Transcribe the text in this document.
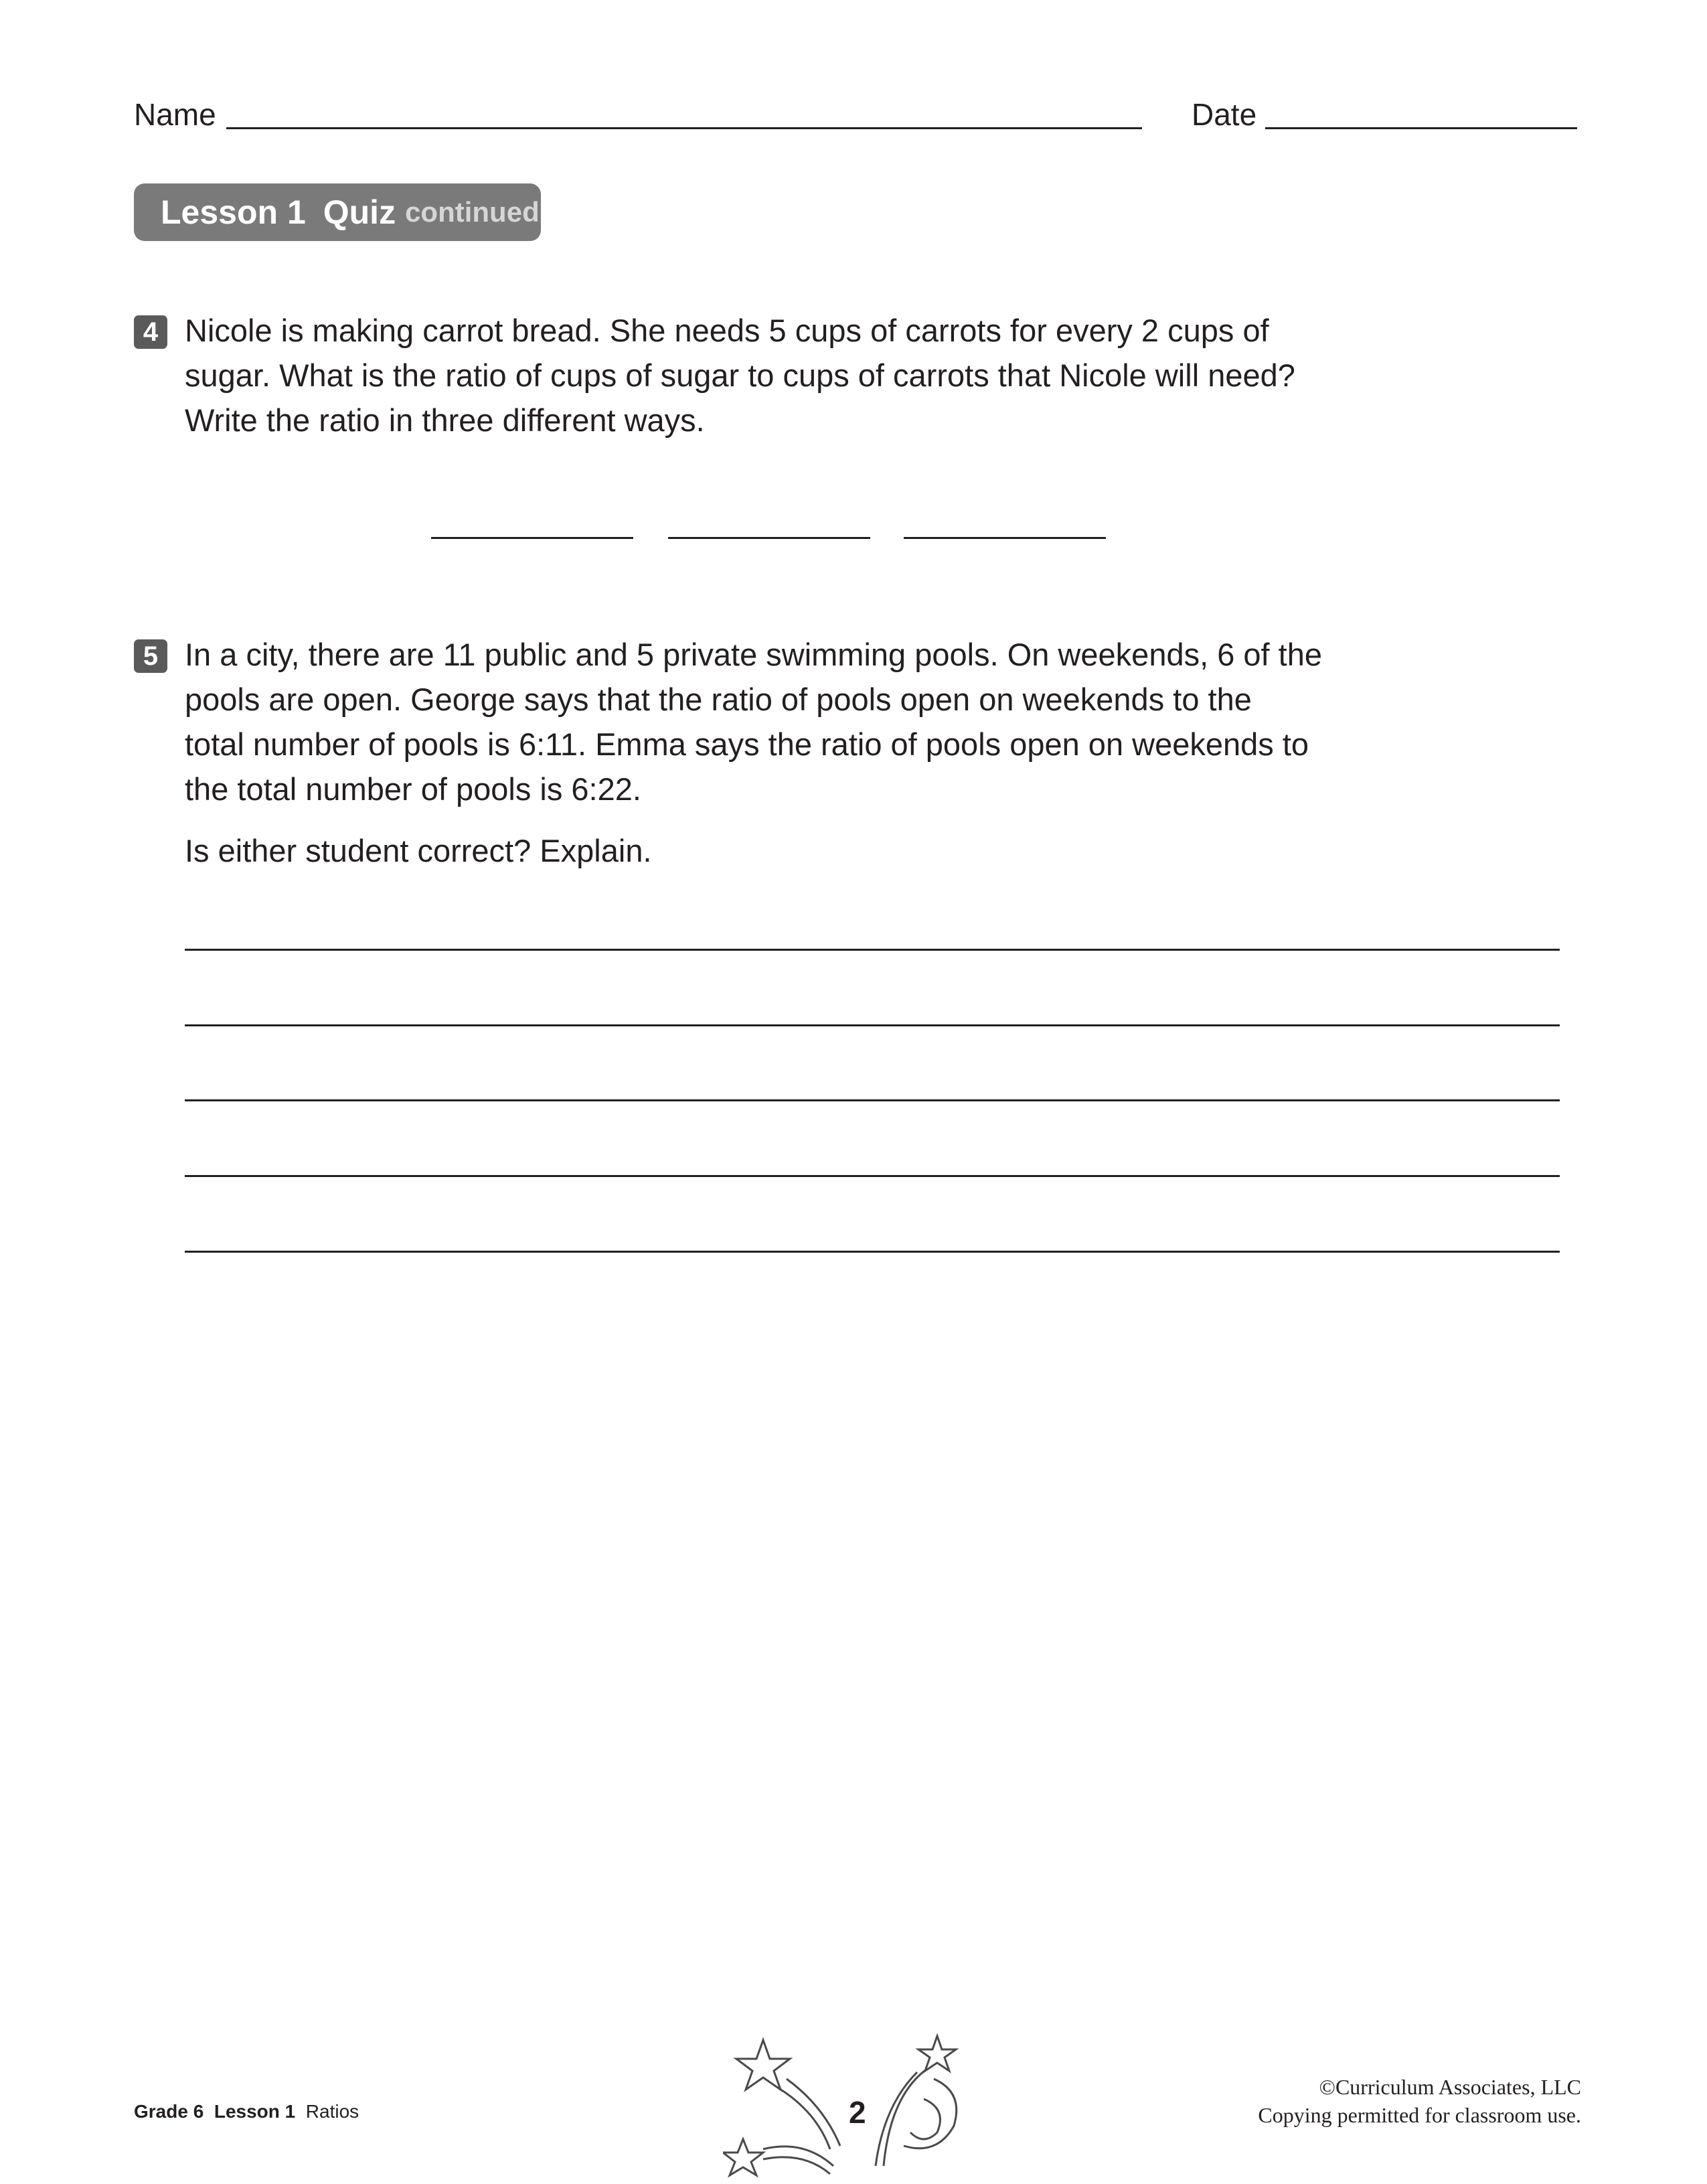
Name	Date
Lesson 1 Quiz continued
4 Nicole is making carrot bread. She needs 5 cups of carrots for every 2 cups of

sugar. What is the ratio of cups of sugar to cups of carrots that Nicole will need?

Write the ratio in three different ways.

5 In a city, there are 11 public and 5 private swimming pools. On weekends, 6 of the

pools are open. George says that the ratio of pools open on weekends to the

total number of pools is 6:11. Emma says the ratio of pools open on weekends to

the total number of pools is 6:22.

Is either student correct? Explain.

Grade 6 Lesson 1 Ratios	2
©Curriculum Associates, LLC
Copying permitted for classroom use.
